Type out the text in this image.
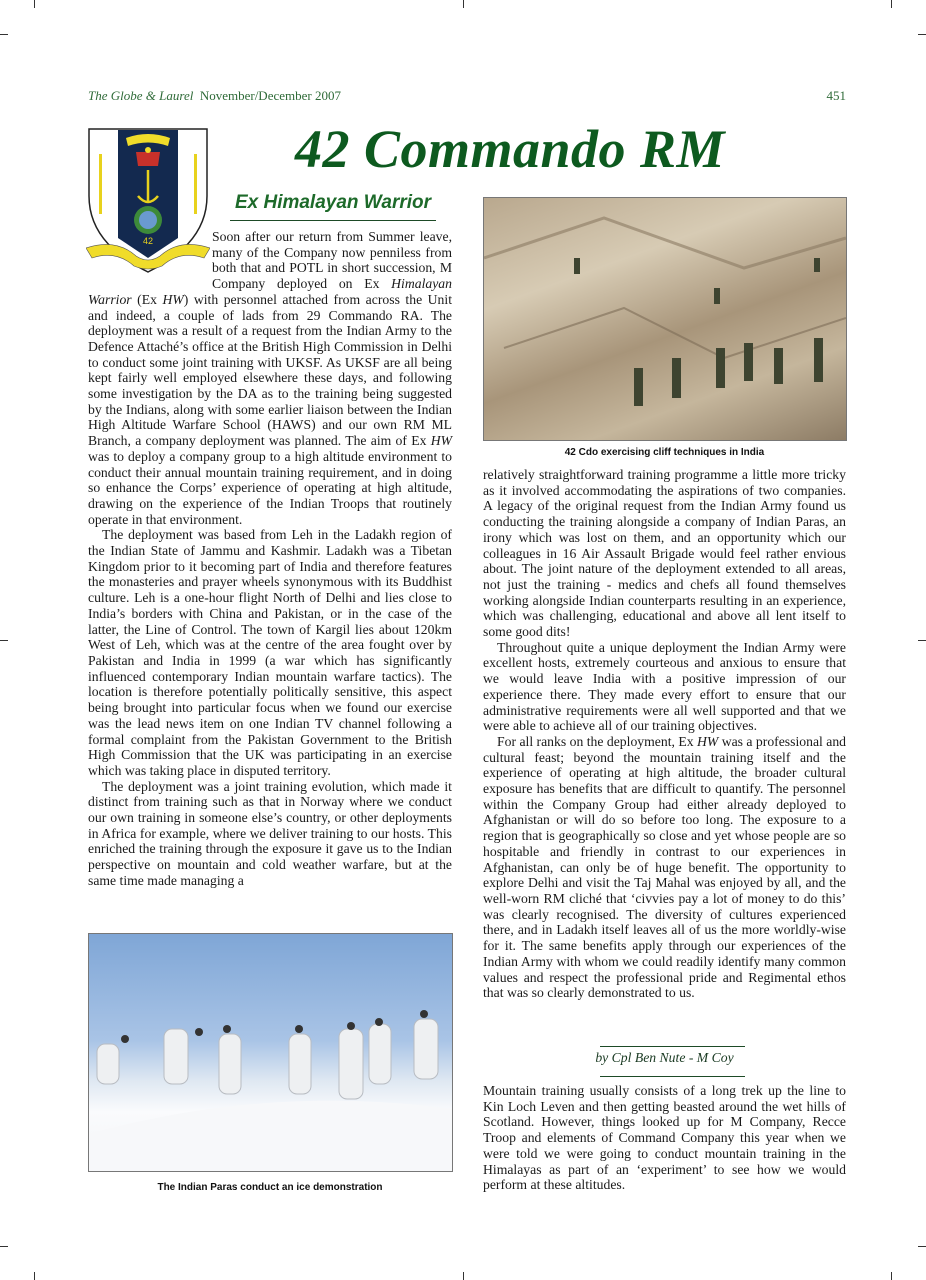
The Globe & Laurel November/December 2007	451
42
42 Commando RM
Ex Himalayan Warrior

Soon after our return from Summer leave, many of the Company now penniless from both that and POTL in short succession, M Company deployed on Ex Himalayan Warrior (Ex HW) with personnel attached from across the Unit and indeed, a couple of lads from 29 Commando RA. The deployment was a result of a request from the Indian Army to the Defence Attaché’s office at the British High Commission in Delhi to conduct some joint training with UKSF. As UKSF are all being kept fairly well employed elsewhere these days, and following some investigation by the DA as to the training being suggested by the Indians, along with some earlier liaison between the Indian High Altitude Warfare School (HAWS) and our own RM ML Branch, a company deployment was planned. The aim of Ex HW was to deploy a company group to a high altitude environment to conduct their annual mountain training requirement, and in doing so enhance the Corps’ experience of operating at high altitude, drawing on the experience of the Indian Troops that routinely operate in that environment.

The deployment was based from Leh in the Ladakh region of the Indian State of Jammu and Kashmir. Ladakh was a Tibetan Kingdom prior to it becoming part of India and therefore features the monasteries and prayer wheels synonymous with its Buddhist culture. Leh is a one-hour flight North of Delhi and lies close to India’s borders with China and Pakistan, or in the case of the latter, the Line of Control. The town of Kargil lies about 120km West of Leh, which was at the centre of the area fought over by Pakistan and India in 1999 (a war which has significantly influenced contemporary Indian mountain warfare tactics). The location is therefore potentially politically sensitive, this aspect being brought into particular focus when we found our exercise was the lead news item on one Indian TV channel following a formal complaint from the Pakistan Government to the British High Commission that the UK was participating in an exercise which was taking place in disputed territory.

The deployment was a joint training evolution, which made it distinct from training such as that in Norway where we conduct our own training in someone else’s country, or other deployments in Africa for example, where we deliver training to our hosts. This enriched the training through the exposure it gave us to the Indian perspective on mountain and cold weather warfare, but at the same time made managing a

42 Cdo exercising cliff techniques in India

relatively straightforward training programme a little more tricky as it involved accommodating the aspirations of two companies. A legacy of the original request from the Indian Army found us conducting the training alongside a company of Indian Paras, an irony which was lost on them, and an opportunity which our colleagues in 16 Air Assault Brigade would feel rather envious about. The joint nature of the deployment extended to all areas, not just the training - medics and chefs all found themselves working alongside Indian counterparts resulting in an experience, which was challenging, educational and above all lent itself to some good dits!

Throughout quite a unique deployment the Indian Army were excellent hosts, extremely courteous and anxious to ensure that we would leave India with a positive impression of our experience there. They made every effort to ensure that our administrative requirements were all well supported and that we were able to achieve all of our training objectives.

For all ranks on the deployment, Ex HW was a professional and cultural feast; beyond the mountain training itself and the experience of operating at high altitude, the broader cultural exposure has benefits that are difficult to quantify. The personnel within the Company Group had either already deployed to Afghanistan or will do so before too long. The exposure to a region that is geographically so close and yet whose people are so hospitable and friendly in contrast to our experiences in Afghanistan, can only be of huge benefit. The opportunity to explore Delhi and visit the Taj Mahal was enjoyed by all, and the well-worn RM cliché that ‘civvies pay a lot of money to do this’ was clearly recognised. The diversity of cultures experienced there, and in Ladakh itself leaves all of us the more worldly-wise for it. The same benefits apply through our experiences of the Indian Army with whom we could readily identify many common values and respect the professional pride and Regimental ethos that was so clearly demonstrated to us.

by Cpl Ben Nute - M Coy

Mountain training usually consists of a long trek up the line to Kin Loch Leven and then getting beasted around the wet hills of Scotland. However, things looked up for M Company, Recce Troop and elements of Command Company this year when we were told we were going to conduct mountain training in the Himalayas as part of an ‘experiment’ to see how we would perform at these altitudes.

The Indian Paras conduct an ice demonstration
